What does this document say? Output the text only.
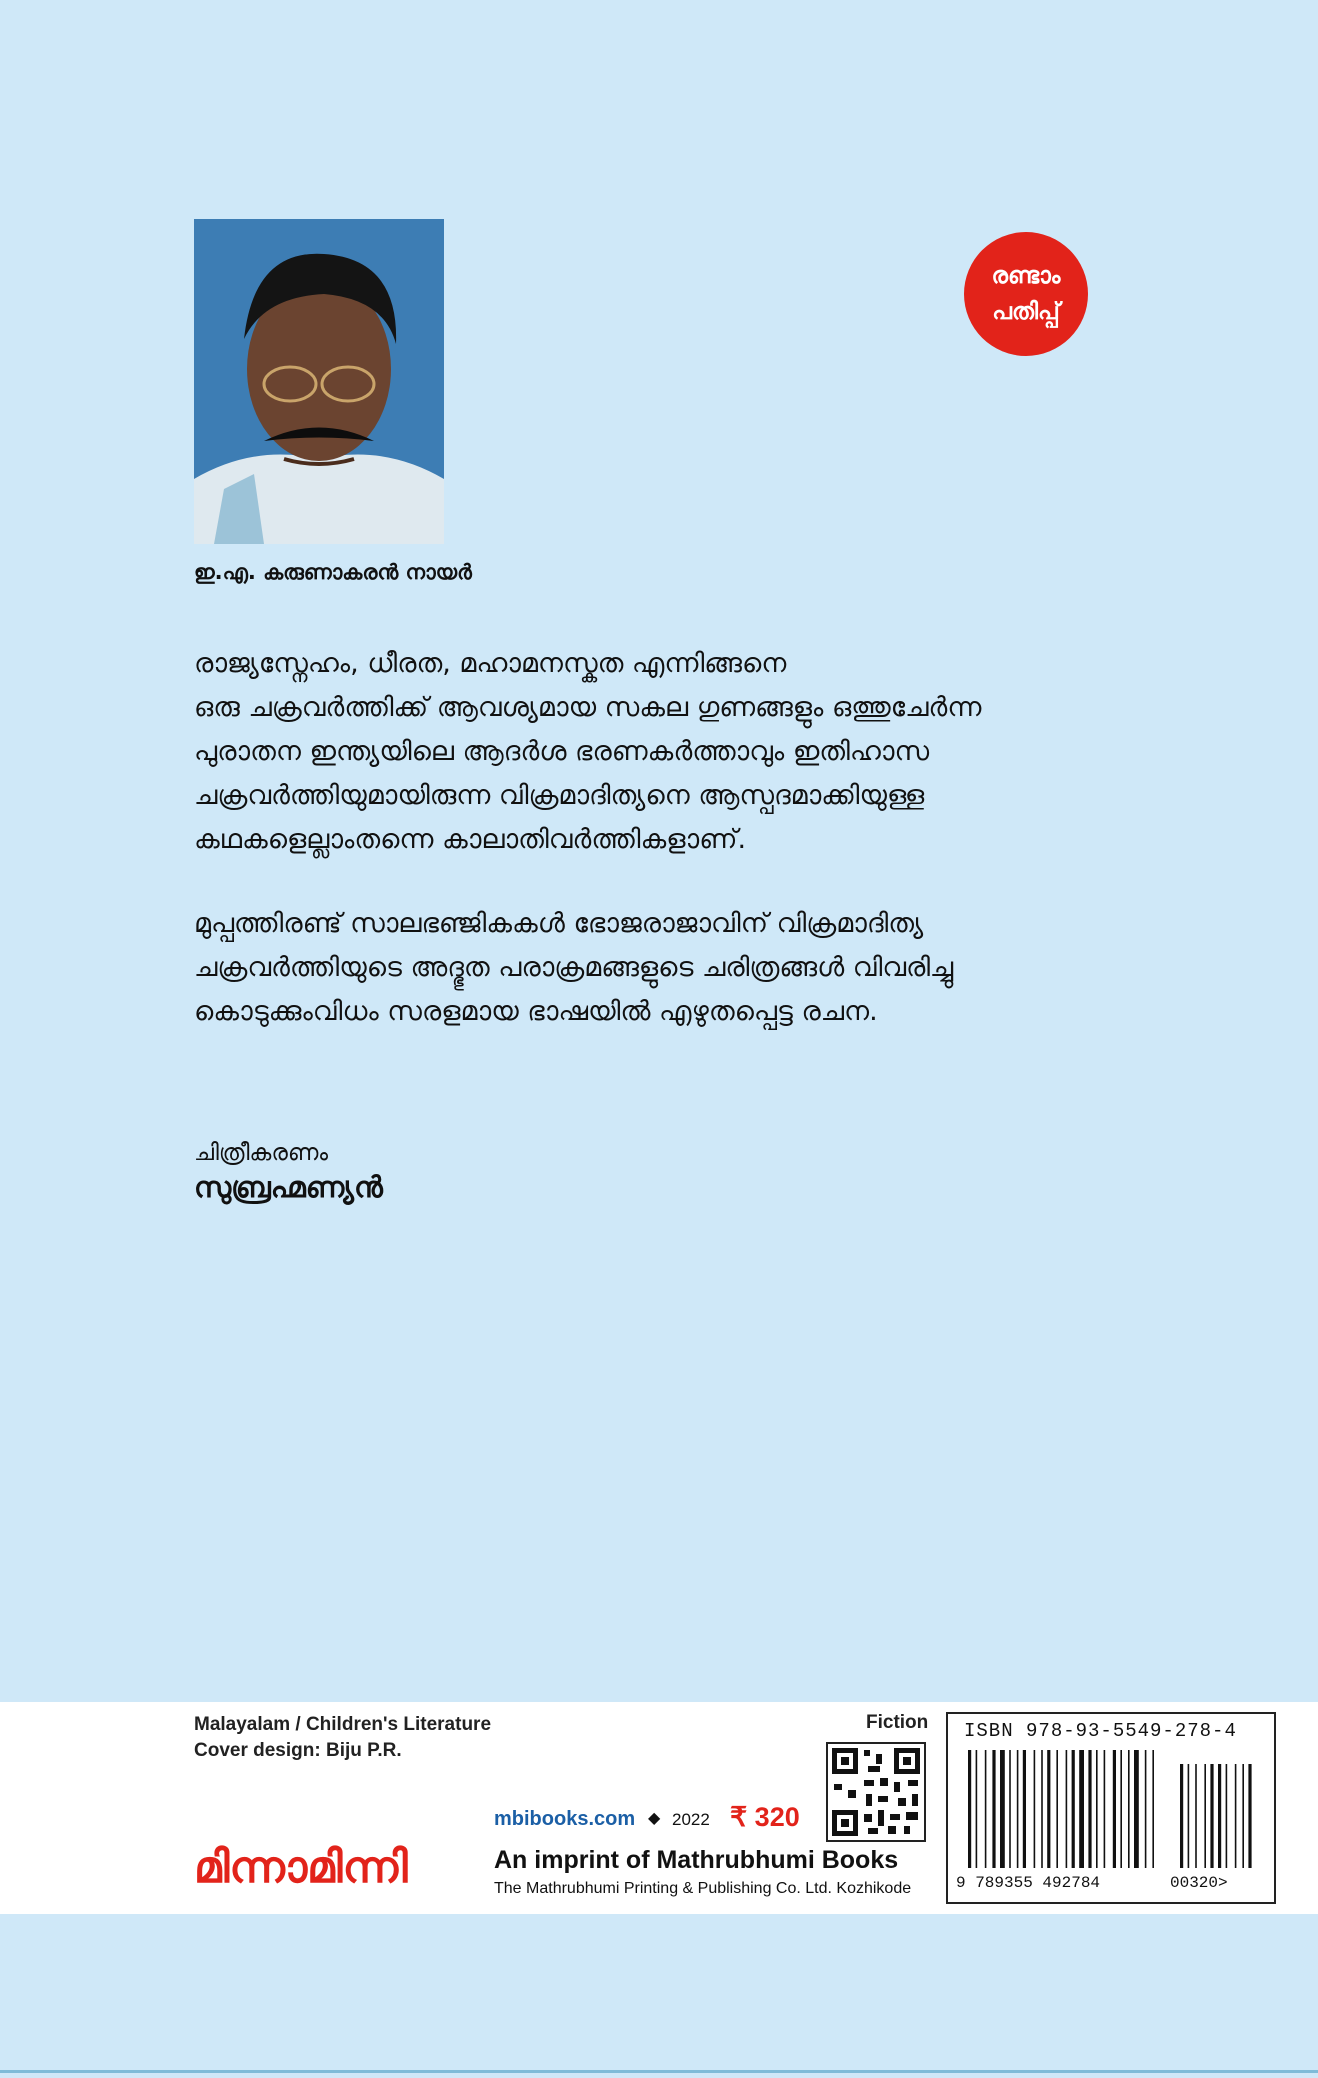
രണ്ടാം
പതിപ്പ്
ഇ.എ. കരുണാകരൻ നായർ
രാജ്യസ്നേഹം, ധീരത, മഹാമനസ്കത എന്നിങ്ങനെ
ഒരു ചക്രവർത്തിക്ക് ആവശ്യമായ സകല ഗുണങ്ങളും ഒത്തുചേർന്ന
പുരാതന ഇന്ത്യയിലെ ആദർശ ഭരണകർത്താവും ഇതിഹാസ
ചക്രവർത്തിയുമായിരുന്ന വിക്രമാദിത്യനെ ആസ്പദമാക്കിയുള്ള
കഥകളെല്ലാംതന്നെ കാലാതിവർത്തികളാണ്.
മുപ്പത്തിരണ്ട് സാലഭഞ്ജികകൾ ഭോജരാജാവിന് വിക്രമാദിത്യ
ചക്രവർത്തിയുടെ അദ്ഭുത പരാക്രമങ്ങളുടെ ചരിത്രങ്ങൾ വിവരിച്ചു
കൊടുക്കുംവിധം സരളമായ ഭാഷയിൽ എഴുതപ്പെട്ട രചന.
ചിത്രീകരണം
സുബ്രഹ്മണ്യൻ
Malayalam / Children's Literature
Cover design: Biju P.R.
Fiction
mbibooks.com ◆ 2022 ₹ 320
മിന്നാമിന്നി	An imprint of Mathrubhumi Books
The Mathrubhumi Printing & Publishing Co. Ltd. Kozhikode
ISBN 978-93-5549-278-4
9 789355 492784	00320>
